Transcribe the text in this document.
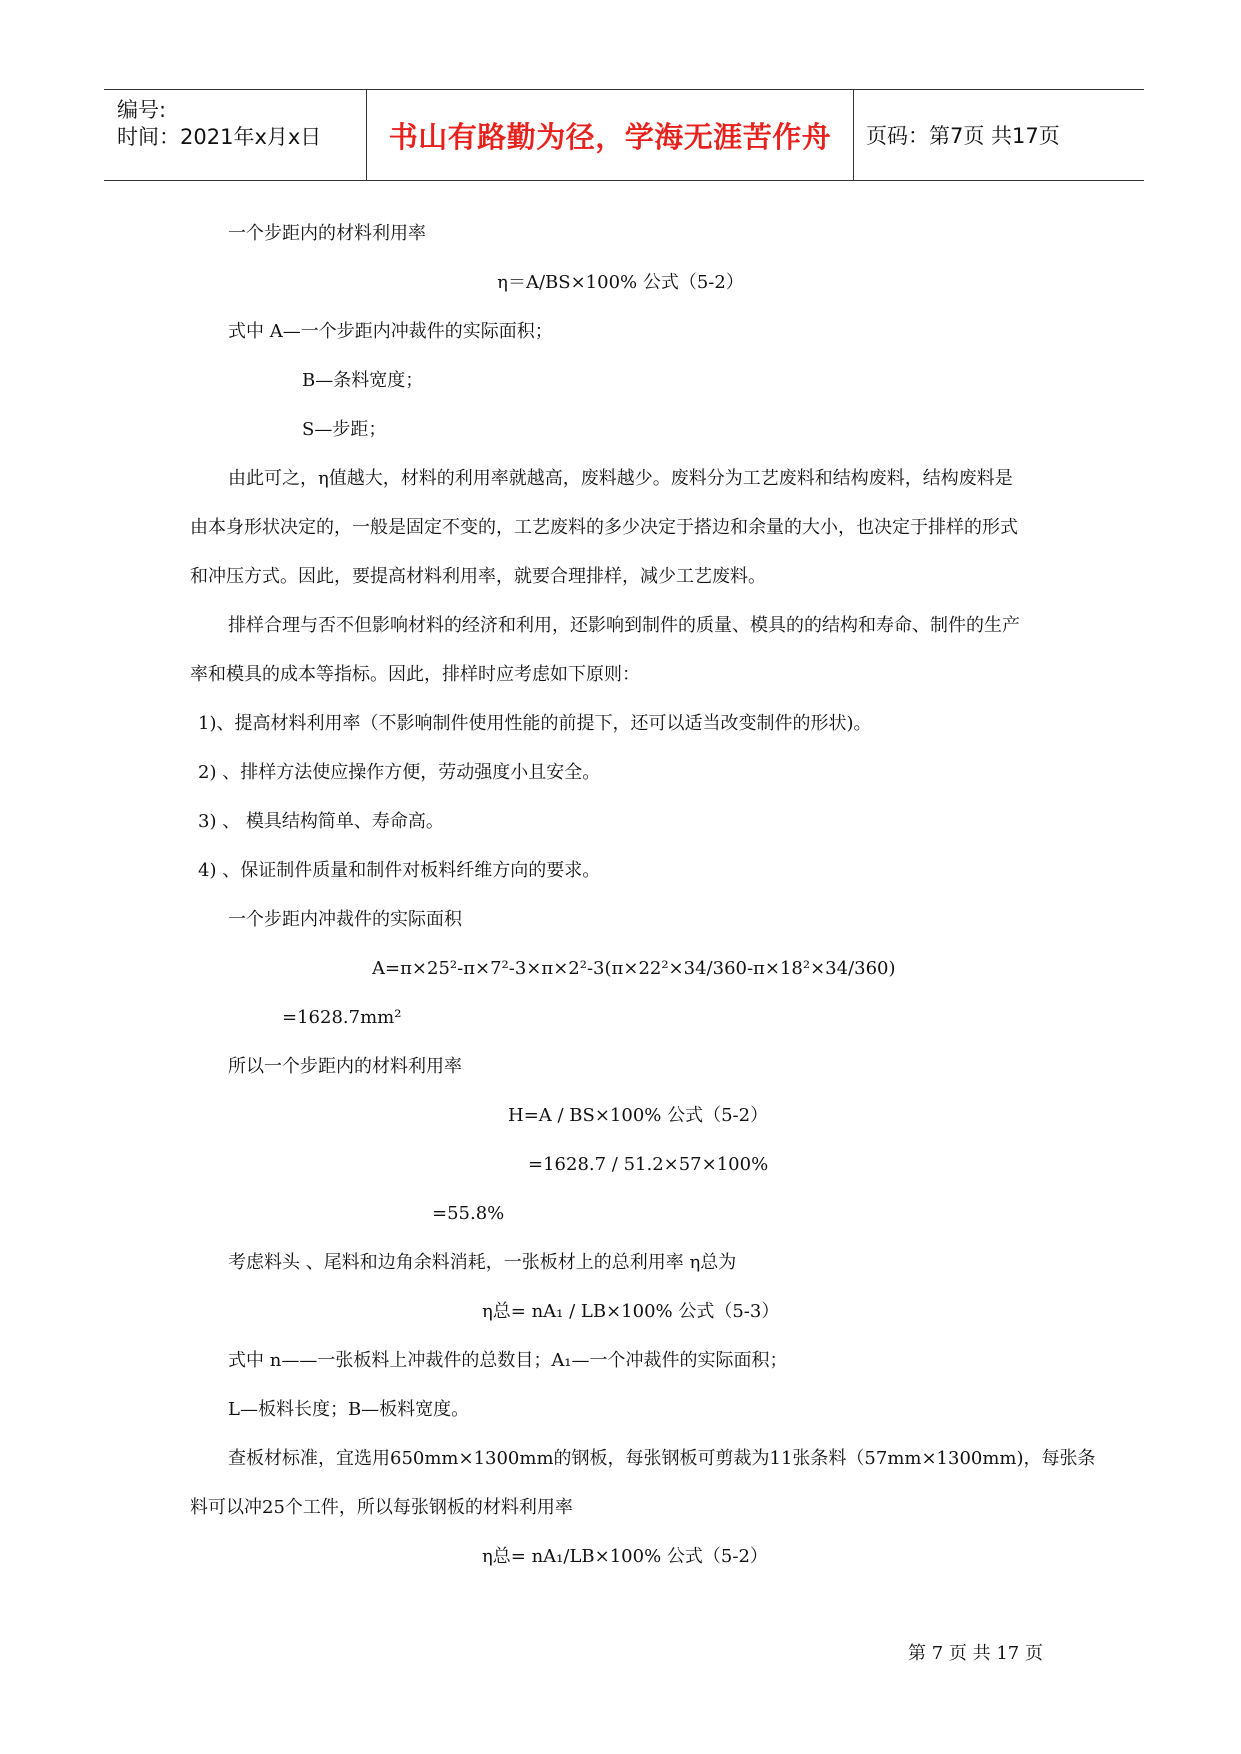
编号:
时间：2021年x月x日	书山有路勤为径，学海无涯苦作舟	页码：第7页 共17页
一个步距内的材料利用率
η＝A/BS×100% 公式（5-2）
式中 A—一个步距内冲裁件的实际面积；
B—条料宽度；
S—步距；
由此可之，η值越大，材料的利用率就越高，废料越少。废料分为工艺废料和结构废料，结构废料是
由本身形状决定的，一般是固定不变的，工艺废料的多少决定于搭边和余量的大小，也决定于排样的形式
和冲压方式。因此，要提高材料利用率，就要合理排样，减少工艺废料。
排样合理与否不但影响材料的经济和利用，还影响到制件的质量、模具的的结构和寿命、制件的生产
率和模具的成本等指标。因此，排样时应考虑如下原则：
1)、提高材料利用率（不影响制件使用性能的前提下，还可以适当改变制件的形状)。
2) 、排样方法使应操作方便，劳动强度小且安全。
3) 、 模具结构简单、寿命高。
4) 、保证制件质量和制件对板料纤维方向的要求。
一个步距内冲裁件的实际面积
A=π×25²-π×7²-3×π×2²-3(π×22²×34/360-π×18²×34/360)
=1628.7mm²
所以一个步距内的材料利用率
H=A / BS×100% 公式（5-2）
=1628.7 / 51.2×57×100%
=55.8%
考虑料头 、尾料和边角余料消耗，一张板材上的总利用率 η总为
η总= nA₁ / LB×100% 公式（5-3）
式中 n——一张板料上冲裁件的总数目；A₁—一个冲裁件的实际面积；
L—板料长度；B—板料宽度。
查板材标准，宜选用650mm×1300mm的钢板，每张钢板可剪裁为11张条料（57mm×1300mm)，每张条
料可以冲25个工件，所以每张钢板的材料利用率
η总= nA₁/LB×100% 公式（5-2）
第 7 页 共 17 页
